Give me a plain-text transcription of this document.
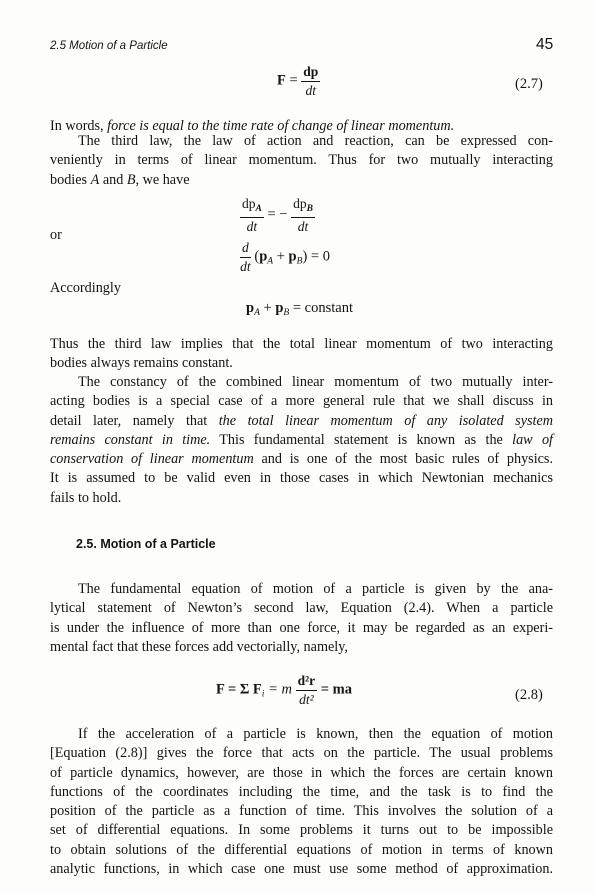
2.5 Motion of a Particle	45
$F = \frac{dp}{dt}$	(2.7)
In words, force is equal to the time rate of change of linear momentum.
The third law, the law of action and reaction, can be expressed con-
veniently in terms of linear momentum. Thus for two mutually interacting
bodies A and B, we have
$\frac{dp_A}{dt}$ = − $\frac{dp_B}{dt}$
or
$\frac{d}{dt} (p_A + p_B) = 0$
Accordingly
$p_A + p_B$ = constant
Thus the third law implies that the total linear momentum of two interacting
bodies always remains constant.
The constancy of the combined linear momentum of two mutually inter-
acting bodies is a special case of a more general rule that we shall discuss in
detail later, namely that the total linear momentum of any isolated system
remains constant in time. This fundamental statement is known as the law of
conservation of linear momentum and is one of the most basic rules of physics.
It is assumed to be valid even in those cases in which Newtonian mechanics
fails to hold.
2.5. Motion of a Particle
The fundamental equation of motion of a particle is given by the ana-
lytical statement of Newton’s second law, Equation (2.4). When a particle
is under the influence of more than one force, it may be regarded as an experi-
mental fact that these forces add vectorially, namely,
F = Σ $F_i = m \frac{\text{d²r}}{\text{dt²}}$ = ma	(2.8)
If the acceleration of a particle is known, then the equation of motion
[Equation (2.8)] gives the force that acts on the particle. The usual problems
of particle dynamics, however, are those in which the forces are certain known
functions of the coordinates including the time, and the task is to find the
position of the particle as a function of time. This involves the solution of a
set of differential equations. In some problems it turns out to be impossible
to obtain solutions of the differential equations of motion in terms of known
analytic functions, in which case one must use some method of approximation.
